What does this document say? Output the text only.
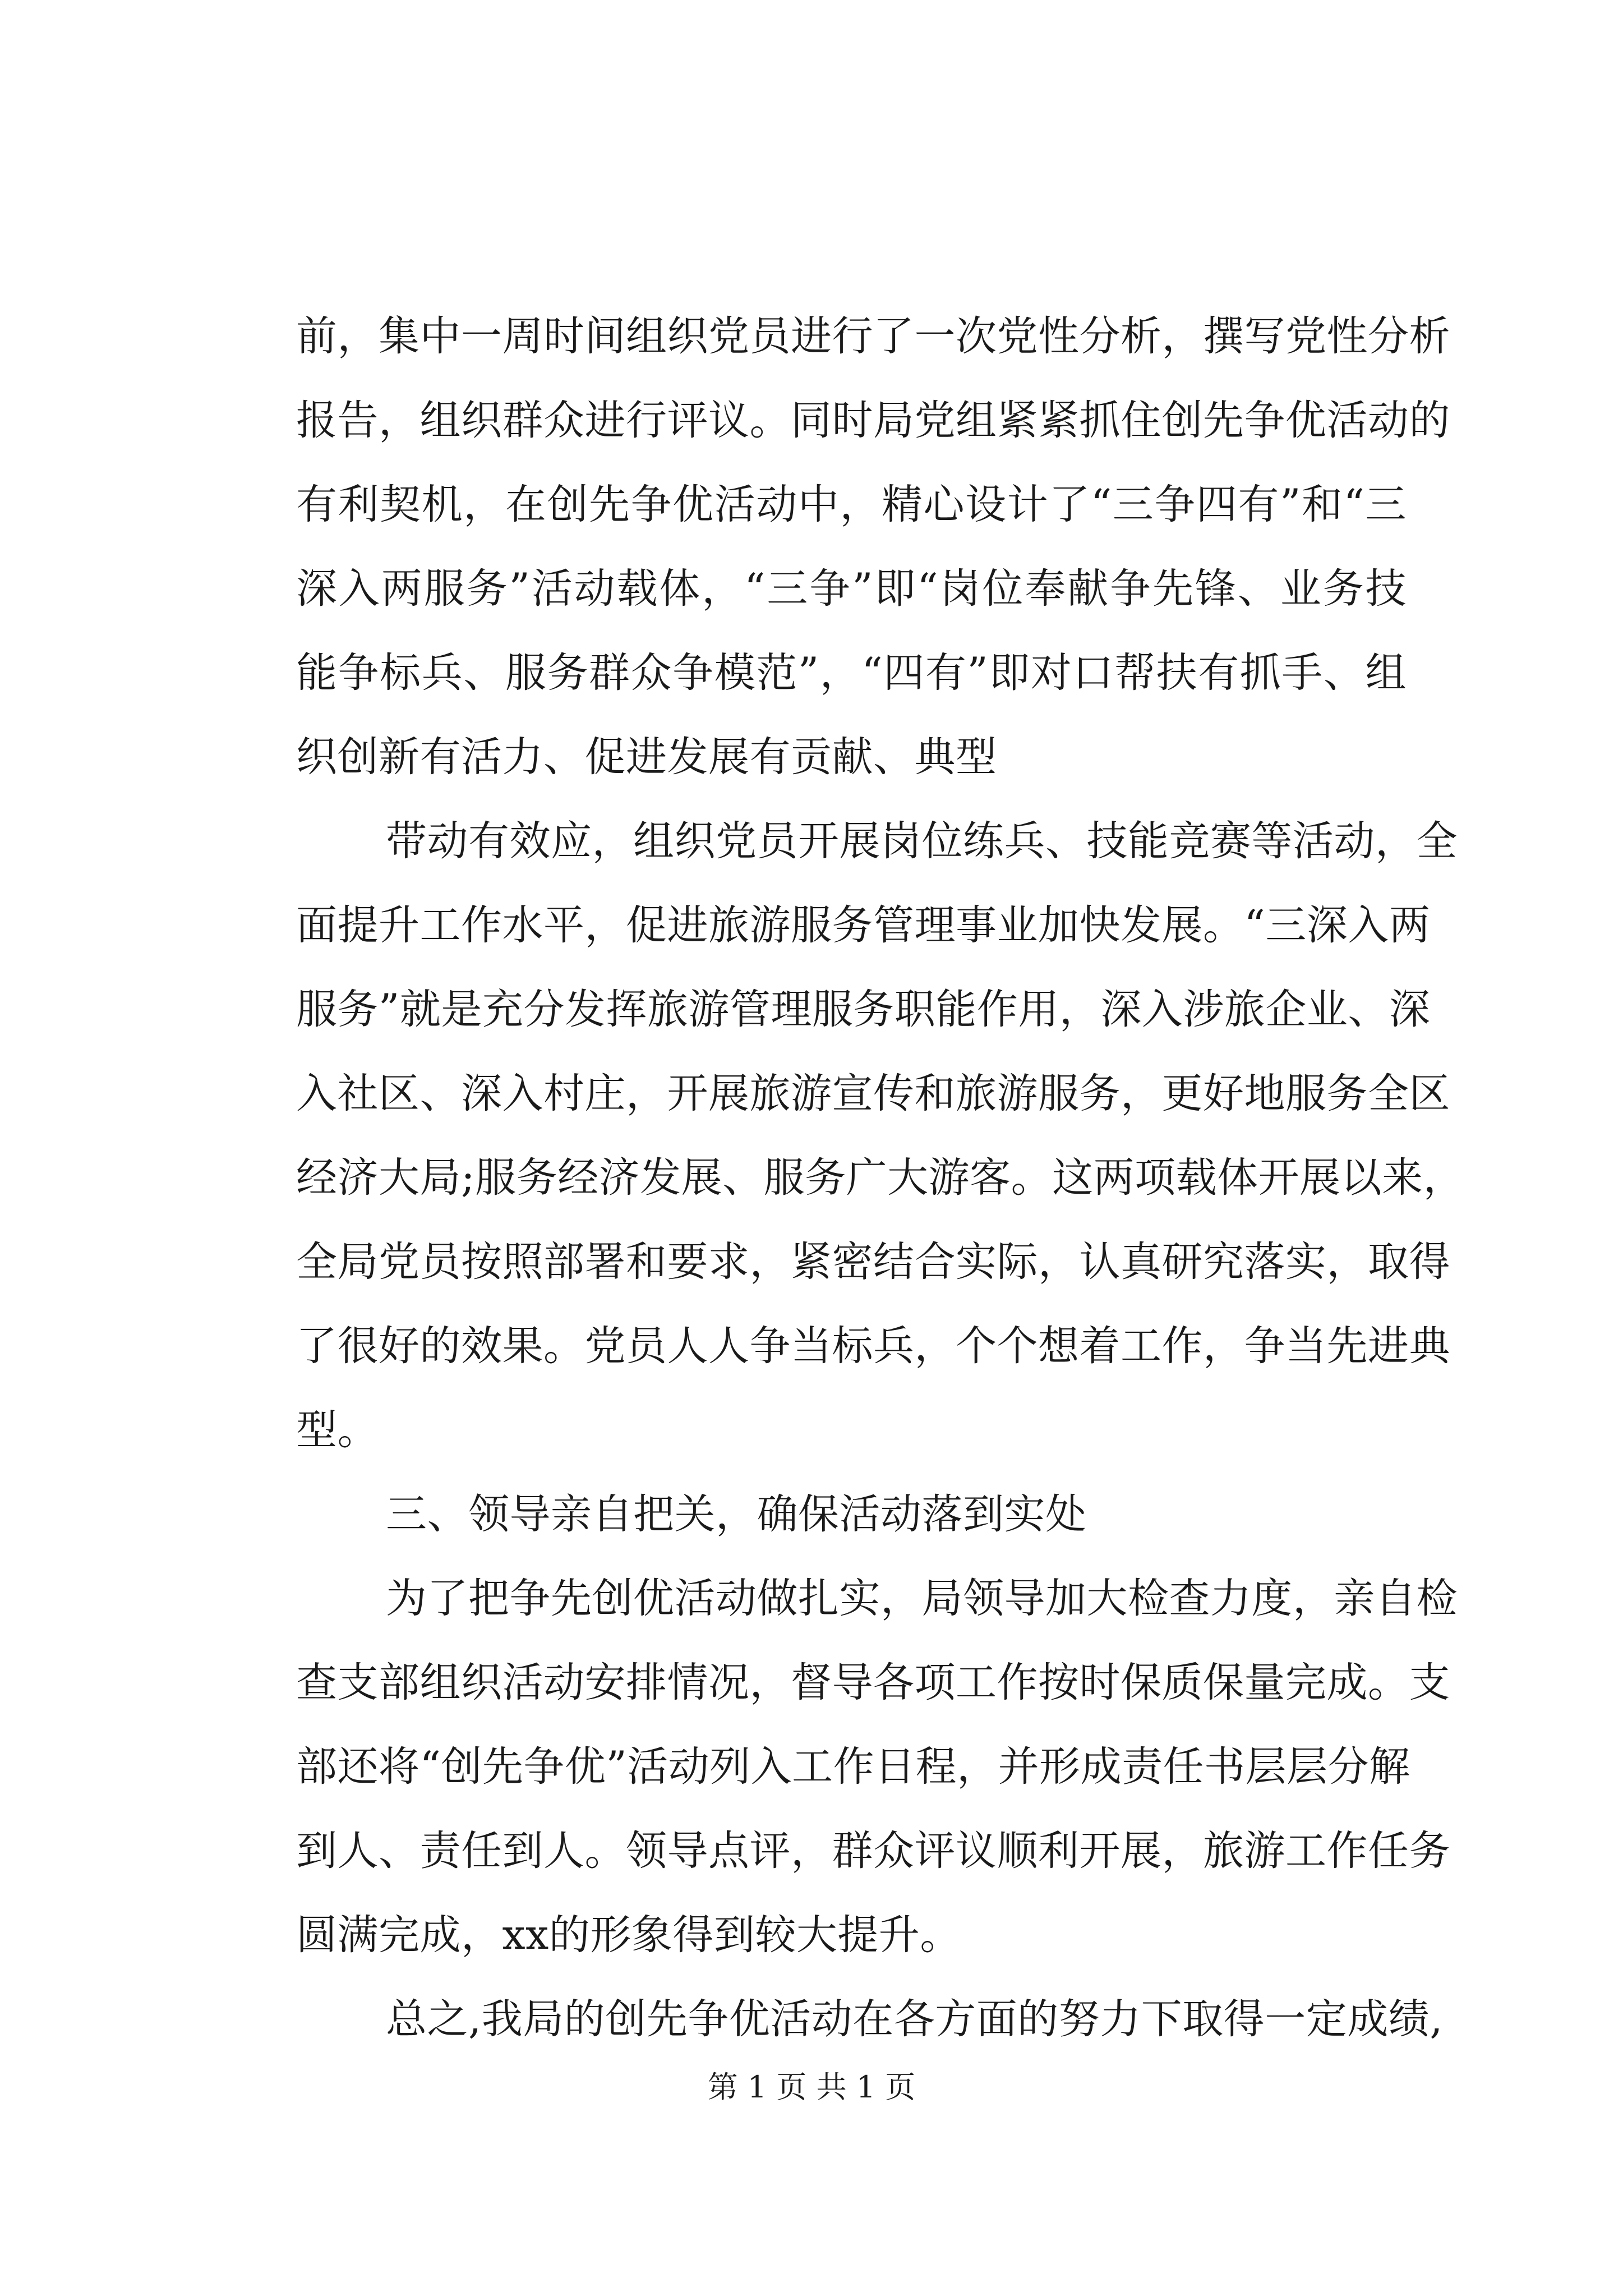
前，集中一周时间组织党员进行了一次党性分析，撰写党性分析
报告，组织群众进行评议。同时局党组紧紧抓住创先争优活动的
有利契机，在创先争优活动中，精心设计了“三争四有”和“三
深入两服务”活动载体，“三争”即“岗位奉献争先锋、业务技
能争标兵、服务群众争模范”，“四有”即对口帮扶有抓手、组
织创新有活力、促进发展有贡献、典型
带动有效应，组织党员开展岗位练兵、技能竞赛等活动，全
面提升工作水平，促进旅游服务管理事业加快发展。“三深入两
服务”就是充分发挥旅游管理服务职能作用，深入涉旅企业、深
入社区、深入村庄，开展旅游宣传和旅游服务，更好地服务全区
经济大局;服务经济发展、服务广大游客。这两项载体开展以来，
全局党员按照部署和要求，紧密结合实际，认真研究落实，取得
了很好的效果。党员人人争当标兵，个个想着工作，争当先进典
型。
三、领导亲自把关，确保活动落到实处
为了把争先创优活动做扎实，局领导加大检查力度，亲自检
查支部组织活动安排情况，督导各项工作按时保质保量完成。支
部还将“创先争优”活动列入工作日程，并形成责任书层层分解
到人、责任到人。领导点评，群众评议顺利开展，旅游工作任务
圆满完成，xx的形象得到较大提升。
总之,我局的创先争优活动在各方面的努力下取得一定成绩,
第 1 页 共 1 页
